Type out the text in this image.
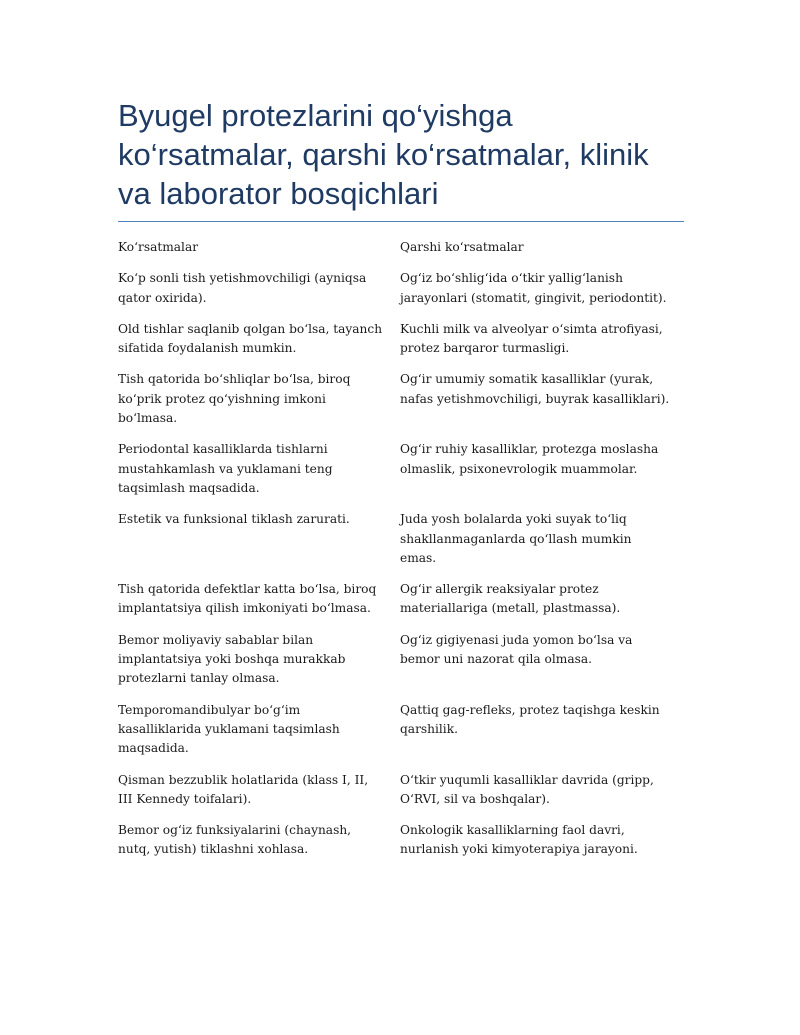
Byugel protezlarini qo‘yishga ko‘rsatmalar, qarshi ko‘rsatmalar, klinik va laborator bosqichlari
Ko‘rsatmalar	Qarshi ko‘rsatmalar
Ko‘p sonli tish yetishmovchiligi (ayniqsa qator oxirida).
Og‘iz bo‘shlig‘ida o‘tkir yallig‘lanish jarayonlari (stomatit, gingivit, periodontit).
Old tishlar saqlanib qolgan bo‘lsa, tayanch sifatida foydalanish mumkin.
Kuchli milk va alveolyar o‘simta atrofiyasi, protez barqaror turmasligi.
Tish qatorida bo‘shliqlar bo‘lsa, biroq ko‘prik protez qo‘yishning imkoni bo‘lmasa.
Og‘ir umumiy somatik kasalliklar (yurak, nafas yetishmovchiligi, buyrak kasalliklari).
Periodontal kasalliklarda tishlarni mustahkamlash va yuklamani teng taqsimlash maqsadida.
Og‘ir ruhiy kasalliklar, protezga moslasha olmaslik, psixonevrologik muammolar.
Estetik va funksional tiklash zarurati.	Juda yosh bolalarda yoki suyak to‘liq shakllanmaganlarda qo‘llash mumkin emas.
Tish qatorida defektlar katta bo‘lsa, biroq implantatsiya qilish imkoniyati bo‘lmasa.
Og‘ir allergik reaksiyalar protez materiallariga (metall, plastmassa).
Bemor moliyaviy sabablar bilan implantatsiya yoki boshqa murakkab protezlarni tanlay olmasa.
Og‘iz gigiyenasi juda yomon bo‘lsa va bemor uni nazorat qila olmasa.
Temporomandibulyar bo‘g‘im kasalliklarida yuklamani taqsimlash maqsadida.
Qattiq gag-refleks, protez taqishga keskin qarshilik.
Qisman bezzublik holatlarida (klass I, II, III Kennedy toifalari).
O‘tkir yuqumli kasalliklar davrida (gripp, O‘RVI, sil va boshqalar).
Bemor og‘iz funksiyalarini (chaynash, nutq, yutish) tiklashni xohlasa.
Onkologik kasalliklarning faol davri, nurlanish yoki kimyoterapiya jarayoni.
